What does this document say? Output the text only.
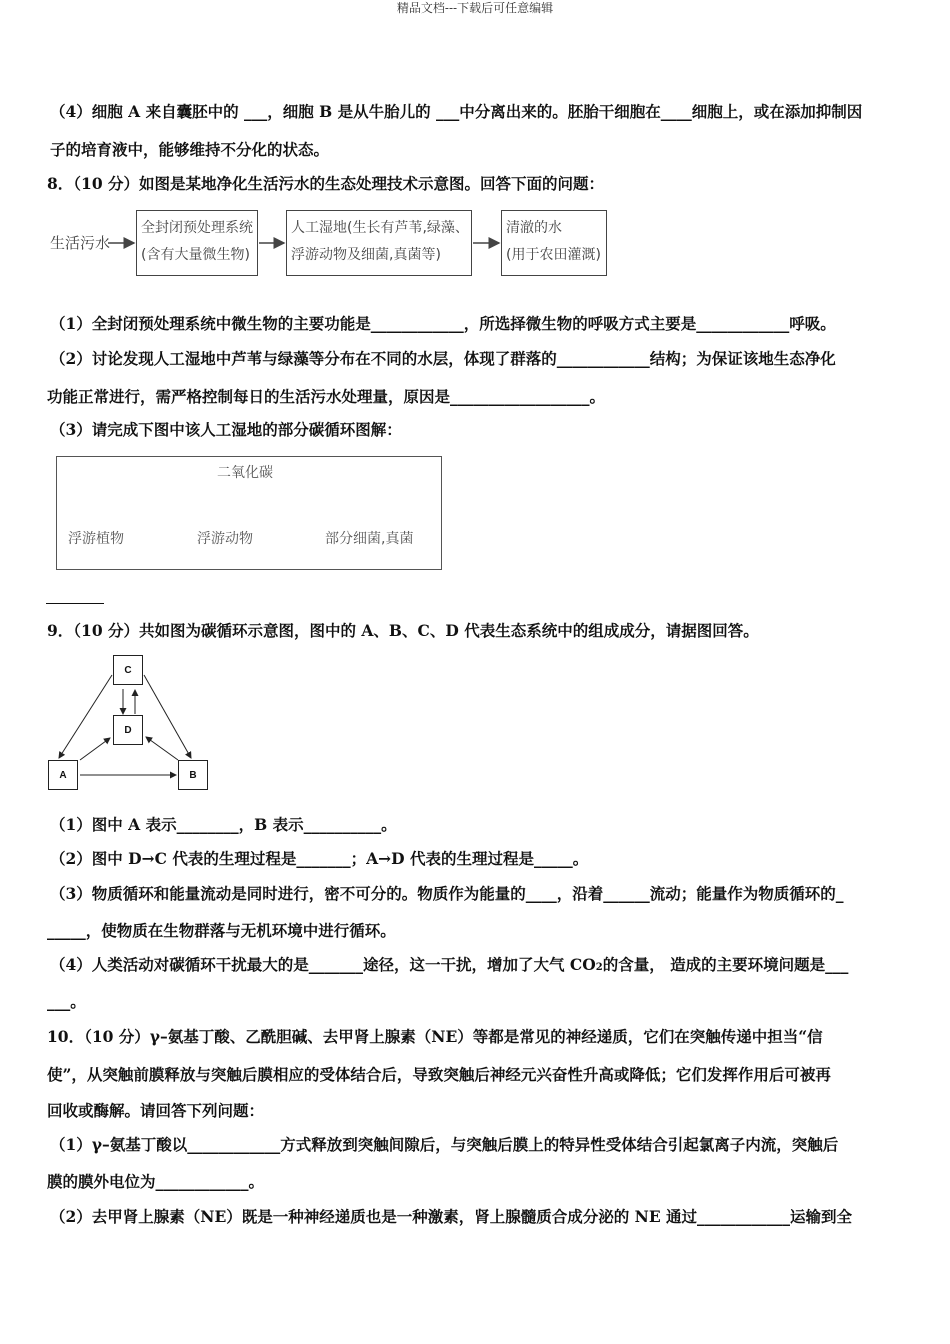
精品文档---下载后可任意编辑
（4）细胞 A 来自囊胚中的 ___，细胞 B 是从牛胎儿的 ___中分离出来的。胚胎干细胞在____细胞上，或在添加抑制因
子的培育液中，能够维持不分化的状态。
8．（10 分）如图是某地净化生活污水的生态处理技术示意图。回答下面的问题：
生活污水
全封闭预处理系统
(含有大量微生物)
人工湿地(生长有芦苇,绿藻、
浮游动物及细菌,真菌等)
清澈的水
(用于农田灌溉)
（1）全封闭预处理系统中微生物的主要功能是____________，所选择微生物的呼吸方式主要是____________呼吸。
（2）讨论发现人工湿地中芦苇与绿藻等分布在不同的水层，体现了群落的____________结构；为保证该地生态净化
功能正常进行，需严格控制每日的生活污水处理量，原因是__________________。
（3）请完成下图中该人工湿地的部分碳循环图解：
二氧化碳
浮游植物	浮游动物	部分细菌,真菌
9．（10 分）共如图为碳循环示意图，图中的 A、B、C、D 代表生态系统中的组成成分，请据图回答。
C
D
A	B
（1）图中 A 表示________，B 表示__________。
（2）图中 D→C 代表的生理过程是_______；A→D 代表的生理过程是_____。
（3）物质循环和能量流动是同时进行，密不可分的。物质作为能量的____，沿着______流动；能量作为物质循环的_
_____，使物质在生物群落与无机环境中进行循环。
（4）人类活动对碳循环干扰最大的是_______途径，这一干扰，增加了大气 CO2的含量， 造成的主要环境问题是___
___。
10．（10 分）γ–氨基丁酸、乙酰胆碱、去甲肾上腺素（NE）等都是常见的神经递质，它们在突触传递中担当“信
使”，从突触前膜释放与突触后膜相应的受体结合后，导致突触后神经元兴奋性升高或降低；它们发挥作用后可被再
回收或酶解。请回答下列问题：
（1）γ–氨基丁酸以____________方式释放到突触间隙后，与突触后膜上的特异性受体结合引起氯离子内流，突触后
膜的膜外电位为____________。
（2）去甲肾上腺素（NE）既是一种神经递质也是一种激素，肾上腺髓质合成分泌的 NE 通过____________运输到全
